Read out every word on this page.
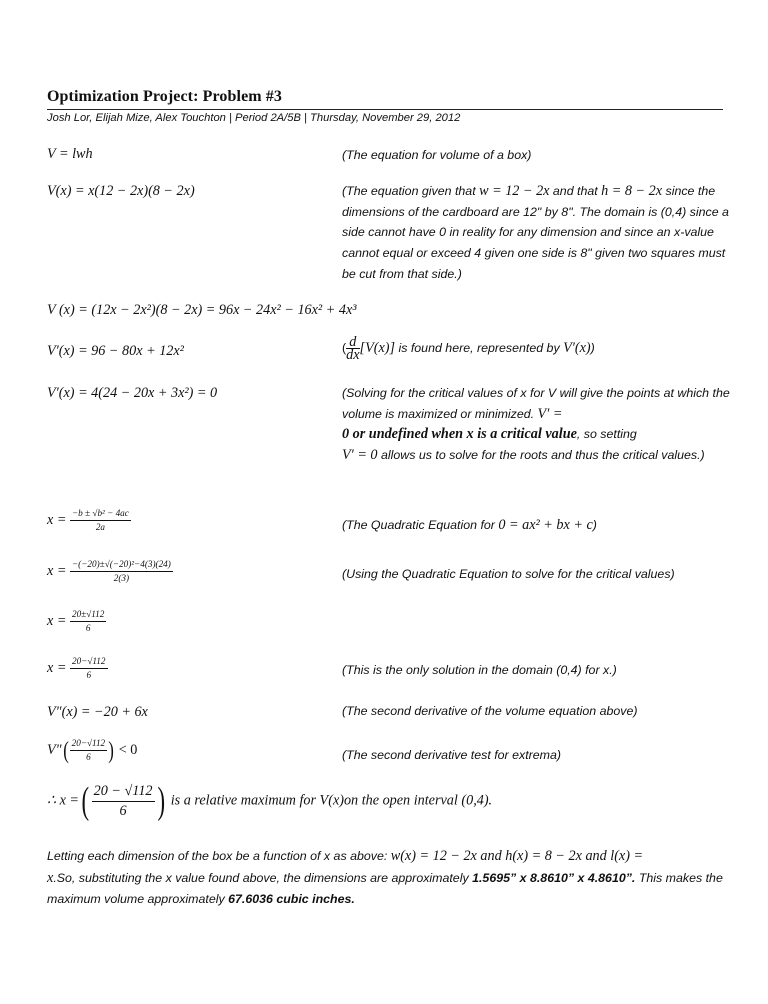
Optimization Project: Problem #3
Josh Lor, Elijah Mize, Alex Touchton | Period 2A/5B | Thursday, November 29, 2012
V = lwh	(The equation for volume of a box)
V(x) = x(12 − 2x)(8 − 2x)	(The equation given that w = 12 − 2x and that h = 8 − 2x since the dimensions of the cardboard are 12" by 8". The domain is (0,4) since a side cannot have 0 in reality for any dimension and since an x-value cannot equal or exceed 4 given one side is 8" given two squares must be cut from that side.)
V (x) = (12x − 2x²)(8 − 2x) = 96x − 24x² − 16x² + 4x³
V′(x) = 96 − 80x + 12x²	( $\frac{d}{dx} [V(x)]$ is found here, represented by V′(x))
V′(x) = 4(24 − 20x + 3x²) = 0	(Solving for the critical values of x for V will give the points at which the volume is maximized or minimized. V′ =
0 or undefined when x is a critical value, so setting
V′ = 0 allows us to solve for the roots and thus the critical values.)
$x = \frac{\text{−b ± √b² − 4ac}}{2a}$	(The Quadratic Equation for 0 = ax² + bx + c)
$x = \frac{\text{−(−20)±√(−20)²−4(3)(24)}}{2(3)}$	(Using the Quadratic Equation to solve for the critical values)
$x = \frac{20\pm√112}{6}$
$x = \frac{20-√112}{6}$	(This is the only solution in the domain (0,4) for x.)
V"(x) = −20 + 6x	(The second derivative of the volume equation above)
V"( $\frac{20-√112}{6}$ ) < 0	(The second derivative test for extrema)
∴ x =( $\frac{20 - √112}{6}$ ) is a relative maximum for V(x)on the open interval (0,4).
Letting each dimension of the box be a function of x as above: w(x) = 12 − 2x and h(x) = 8 − 2x and l(x) =
x.So, substituting the x value found above, the dimensions are approximately 1.5695” x 8.8610” x 4.8610”. This makes the maximum volume approximately 67.6036 cubic inches.
